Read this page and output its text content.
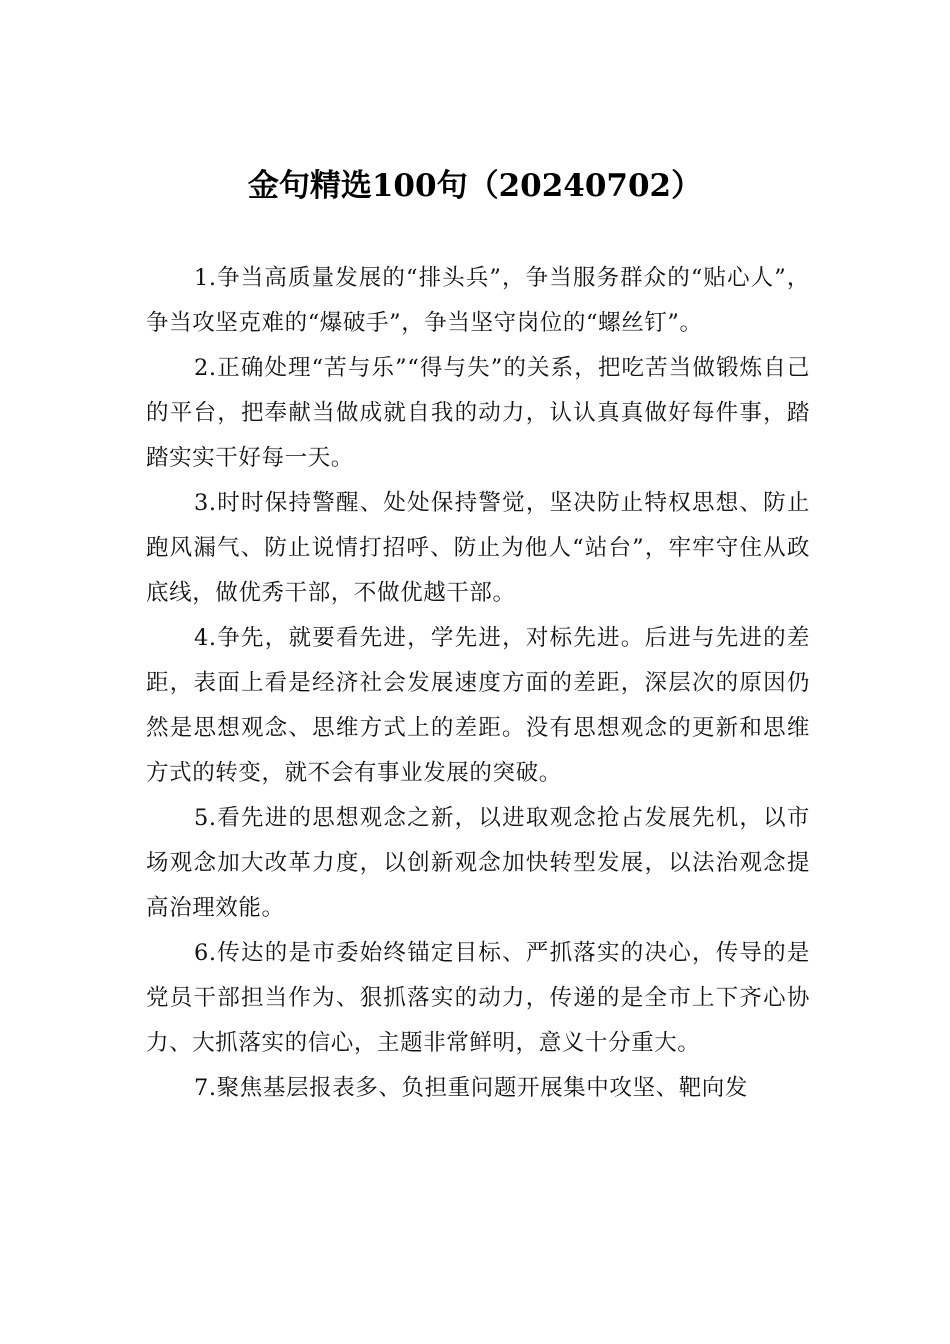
金句精选100句（20240702）

1.争当高质量发展的“排头兵”，争当服务群众的“贴心人”，争当攻坚克难的“爆破手”，争当坚守岗位的“螺丝钉”。

2.正确处理“苦与乐”“得与失”的关系，把吃苦当做锻炼自己的平台，把奉献当做成就自我的动力，认认真真做好每件事，踏踏实实干好每一天。

3.时时保持警醒、处处保持警觉，坚决防止特权思想、防止跑风漏气、防止说情打招呼、防止为他人“站台”，牢牢守住从政底线，做优秀干部，不做优越干部。

4.争先，就要看先进，学先进，对标先进。后进与先进的差距，表面上看是经济社会发展速度方面的差距，深层次的原因仍然是思想观念、思维方式上的差距。没有思想观念的更新和思维方式的转变，就不会有事业发展的突破。

5.看先进的思想观念之新，以进取观念抢占发展先机，以市场观念加大改革力度，以创新观念加快转型发展，以法治观念提高治理效能。

6.传达的是市委始终锚定目标、严抓落实的决心，传导的是党员干部担当作为、狠抓落实的动力，传递的是全市上下齐心协力、大抓落实的信心，主题非常鲜明，意义十分重大。

7.聚焦基层报表多、负担重问题开展集中攻坚、靶向发
